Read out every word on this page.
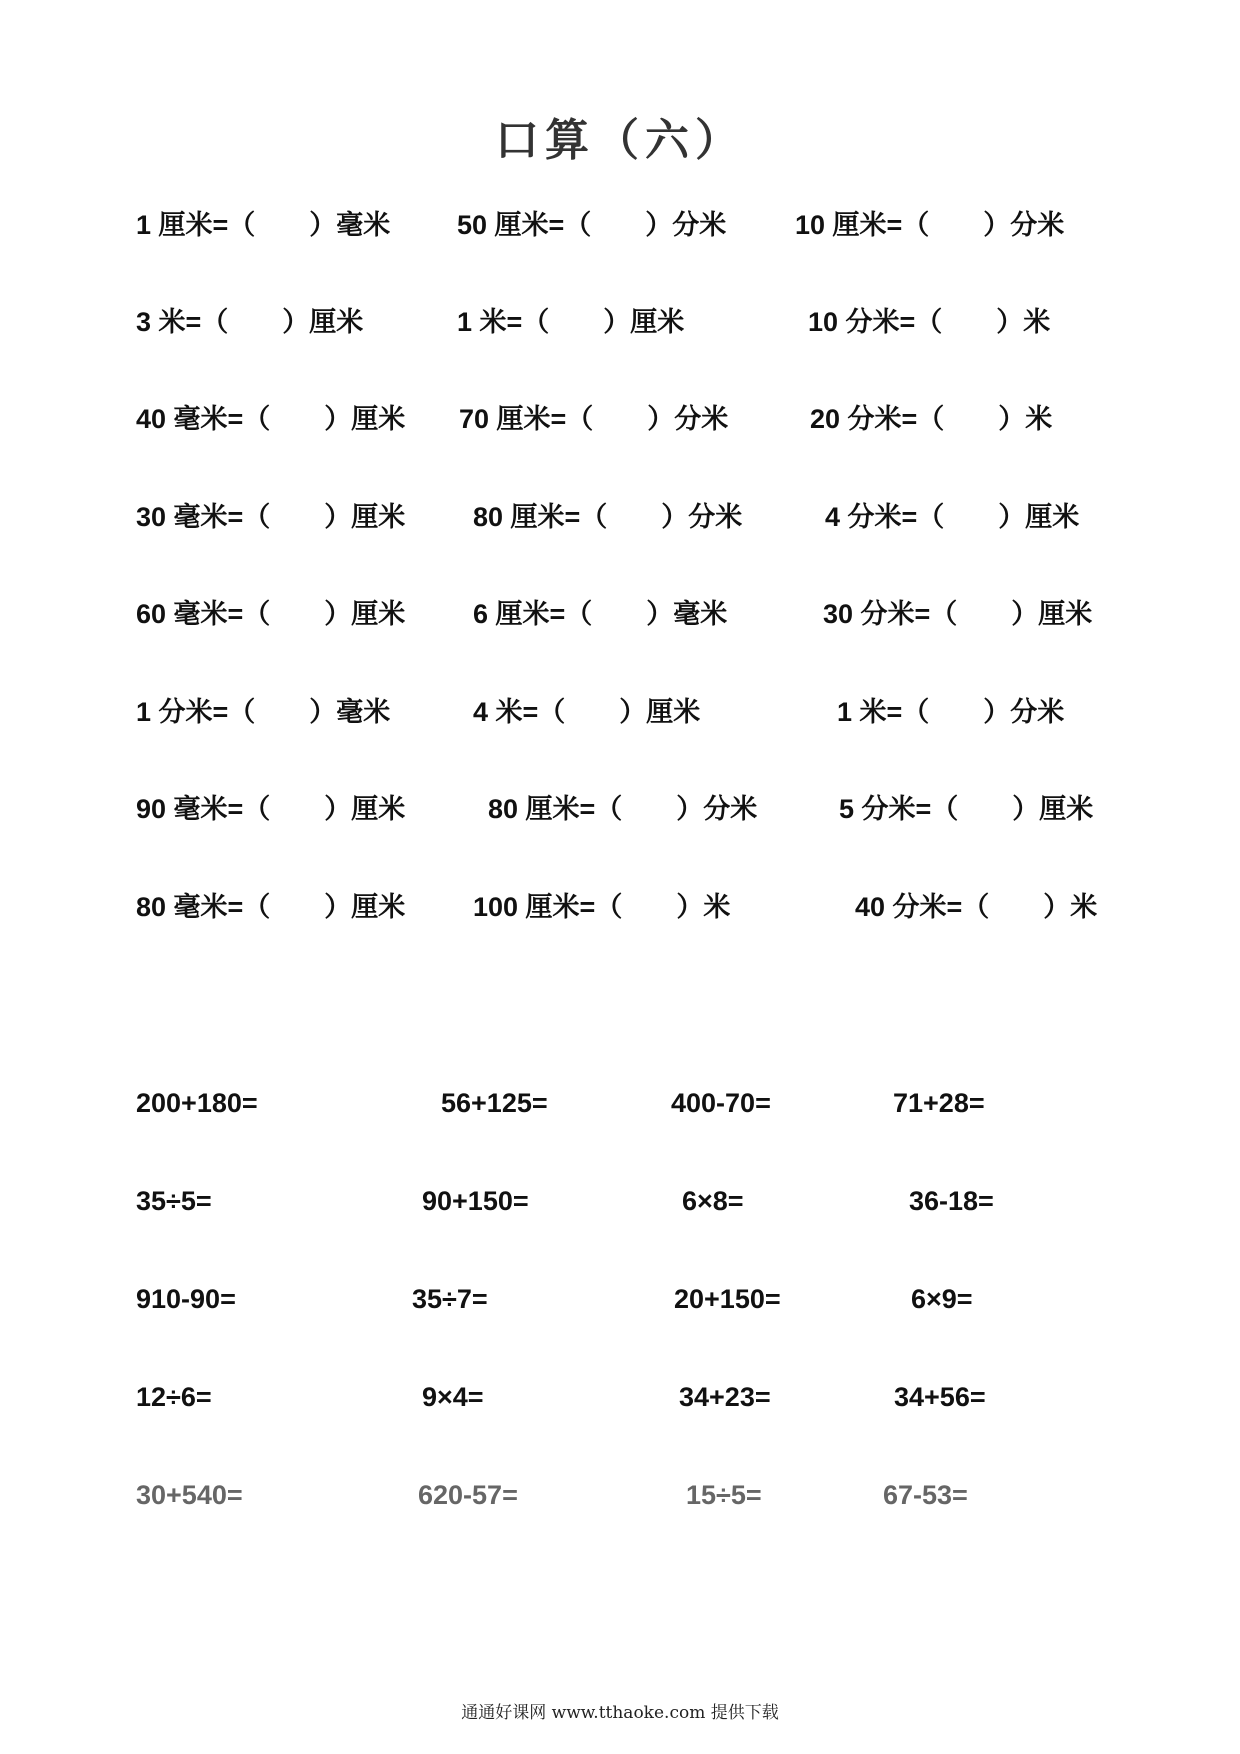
口算（六）
1 厘米=（　　）毫米 50 厘米=（　　）分米	10 厘米=（　　）分米
3 米=（　　）厘米	1 米=（　　）厘米	10 分米=（　　）米
40 毫米=（　　）厘米 70 厘米=（　　）分米	20 分米=（　　）米
30 毫米=（　　）厘米	80 厘米=（　　）分米	4 分米=（　　）厘米
60 毫米=（　　）厘米	6 厘米=（　　）毫米	30 分米=（　　）厘米
1 分米=（　　）毫米	4 米=（　　）厘米	1 米=（　　）分米
90 毫米=（　　）厘米	80 厘米=（　　）分米	5 分米=（　　）厘米
80 毫米=（　　）厘米	100 厘米=（　　）米	40 分米=（　　）米
200+180=	56+125=	400-70=	71+28=
35÷5=	90+150=	6×8=	36-18=
910-90=	35÷7=	20+150=	6×9=
12÷6=	9×4=	34+23=	34+56=
30+540=	620-57=	15÷5=	67-53=
通通好课网 www.tthaoke.com 提供下载
